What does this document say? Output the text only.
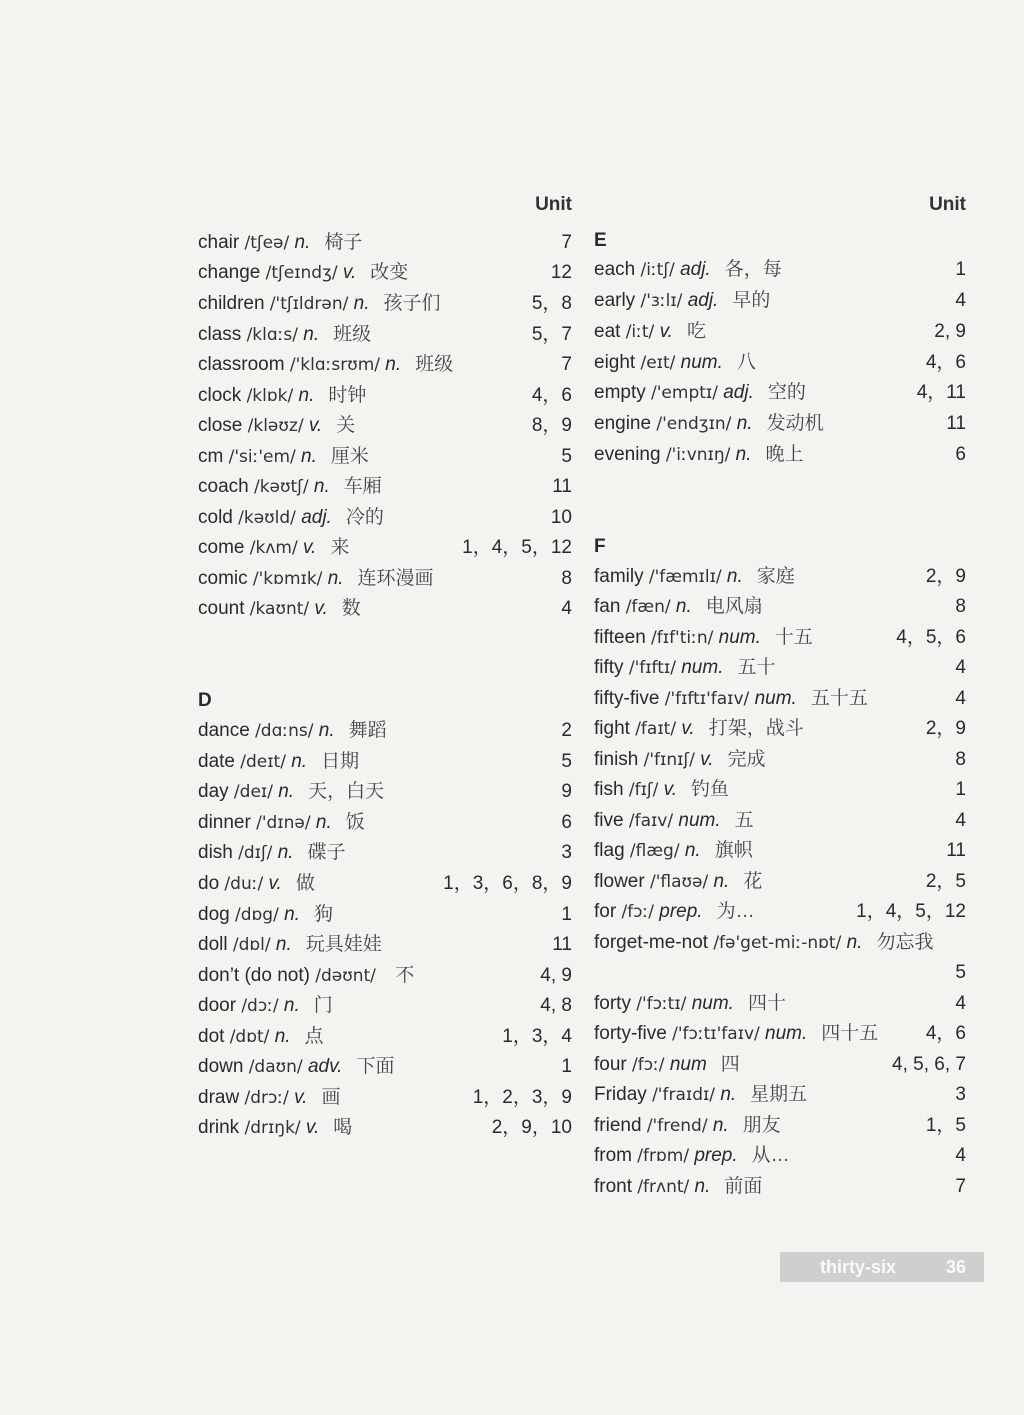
Unit
chair /tʃeə/ n. 椅子	7
change /tʃeɪndʒ/ v. 改变	12
children /'tʃɪldrən/ n. 孩子们	5，8
class /klɑːs/ n. 班级	5，7
classroom /'klɑːsrʊm/ n. 班级	7
clock /klɒk/ n. 时钟	4，6
close /kləʊz/ v. 关	8，9
cm /'siː'em/ n. 厘米	5
coach /kəʊtʃ/ n. 车厢	11
cold /kəʊld/ adj. 冷的	10
come /kʌm/ v. 来	1，4，5，12
comic /'kɒmɪk/ n. 连环漫画	8
count /kaʊnt/ v. 数	4
D
dance /dɑːns/ n. 舞蹈	2
date /deɪt/ n. 日期	5
day /deɪ/ n. 天，白天	9
dinner /'dɪnə/ n. 饭	6
dish /dɪʃ/ n. 碟子	3
do /duː/ v. 做	1，3，6，8，9
dog /dɒg/ n. 狗	1
doll /dɒl/ n. 玩具娃娃	11
don’t (do not) /dəʊnt/ 不	4, 9
door /dɔː/ n. 门	4, 8
dot /dɒt/ n. 点	1，3，4
down /daʊn/ adv. 下面	1
draw /drɔː/ v. 画	1，2，3，9
drink /drɪŋk/ v. 喝	2，9，10
Unit
E
each /iːtʃ/ adj. 各，每	1
early /'ɜːlɪ/ adj. 早的	4
eat /iːt/ v. 吃	2, 9
eight /eɪt/ num. 八	4，6
empty /'emptɪ/ adj. 空的	4，11
engine /'endʒɪn/ n. 发动机	11
evening /'iːvnɪŋ/ n. 晚上	6
F
family /'fæmɪlɪ/ n. 家庭	2，9
fan /fæn/ n. 电风扇	8
fifteen /fɪf'tiːn/ num. 十五	4，5，6
fifty /'fɪftɪ/ num. 五十	4
fifty-five /'fɪftɪ'faɪv/ num. 五十五	4
fight /faɪt/ v. 打架，战斗	2，9
finish /'fɪnɪʃ/ v. 完成	8
fish /fɪʃ/ v. 钓鱼	1
five /faɪv/ num. 五	4
flag /flæg/ n. 旗帜	11
flower /'flaʊə/ n. 花	2，5
for /fɔː/ prep. 为…	1，4，5，12
forget-me-not /fə'get-miː-nɒt/ n. 勿忘我
5
forty /'fɔːtɪ/ num. 四十	4
forty-five /'fɔːtɪ'faɪv/ num. 四十五	4，6
four /fɔː/ num 四	4, 5, 6, 7
Friday /'fraɪdɪ/ n. 星期五	3
friend /'frend/ n. 朋友	1，5
from /frɒm/ prep. 从…	4
front /frʌnt/ n. 前面	7
thirty-six	36
